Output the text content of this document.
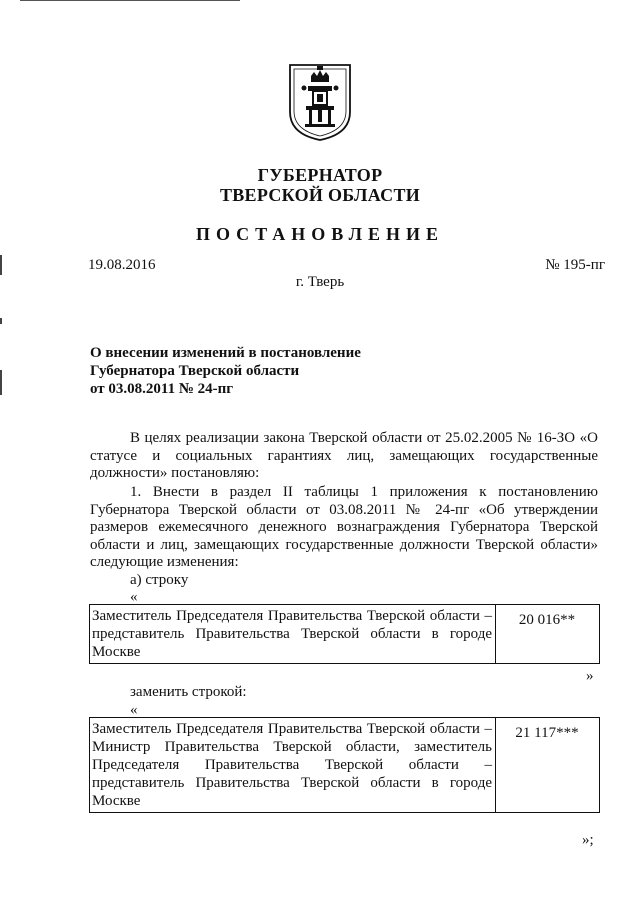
ГУБЕРНАТОР
ТВЕРСКОЙ ОБЛАСТИ
ПОСТАНОВЛЕНИЕ
19.08.2016	№ 195-пг
г. Тверь
О внесении изменений в постановление
Губернатора Тверской области
от 03.08.2011 № 24-пг
В целях реализации закона Тверской области от 25.02.2005 № 16-ЗО «О статусе и социальных гарантиях лиц, замещающих государственные должности» постановляю:
1. Внести в раздел II таблицы 1 приложения к постановлению Губернатора Тверской области от 03.08.2011 № 24-пг «Об утверждении размеров ежемесячного денежного вознаграждения Губернатора Тверской области и лиц, замещающих государственные должности Тверской области» следующие изменения:
а) строку
«
Заместитель Председателя Правительства Тверской области – представитель Правительства Тверской области в городе Москве	20 016**
»
заменить строкой:
«
Заместитель Председателя Правительства Тверской области – Министр Правительства Тверской области, заместитель Председателя Правительства Тверской области – представитель Правительства Тверской области в городе Москве	21 117***
»;
